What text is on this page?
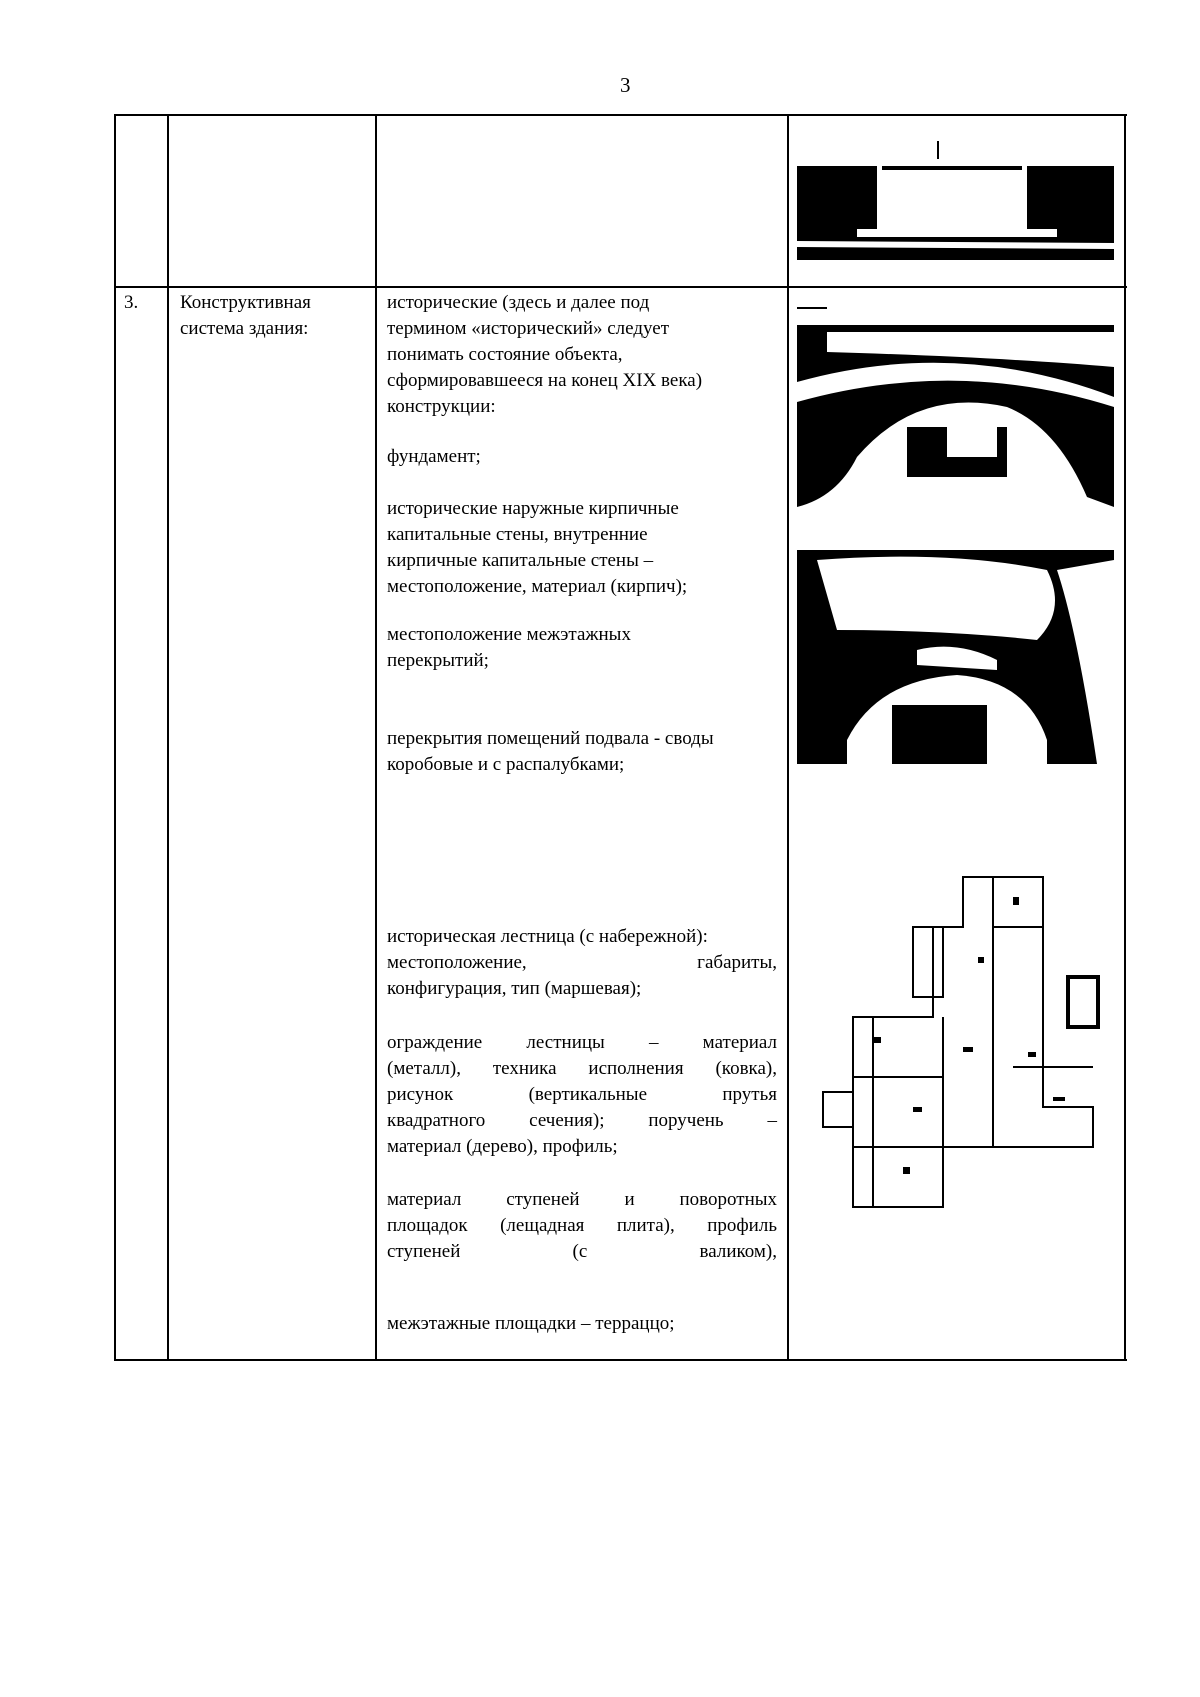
3
3. Конструктивная
система здания:
исторические (здесь и далее под
термином «исторический» следует
понимать состояние объекта,
сформировавшееся на конец XIX века)
конструкции:
фундамент;
исторические наружные кирпичные
капитальные стены, внутренние
кирпичные капитальные стены –
местоположение, материал (кирпич);
местоположение межэтажных
перекрытий;
перекрытия помещений подвала - своды
коробовые и с распалубками;
историческая лестница (с набережной):
местоположение, габариты,
конфигурация, тип (маршевая);
ограждение лестницы – материал
(металл), техника исполнения (ковка),
рисунок (вертикальные прутья
квадратного сечения); поручень –
материал (дерево), профиль;
материал ступеней и поворотных
площадок (лещадная плита), профиль
ступеней (с валиком),
межэтажные площадки – терраццо;
